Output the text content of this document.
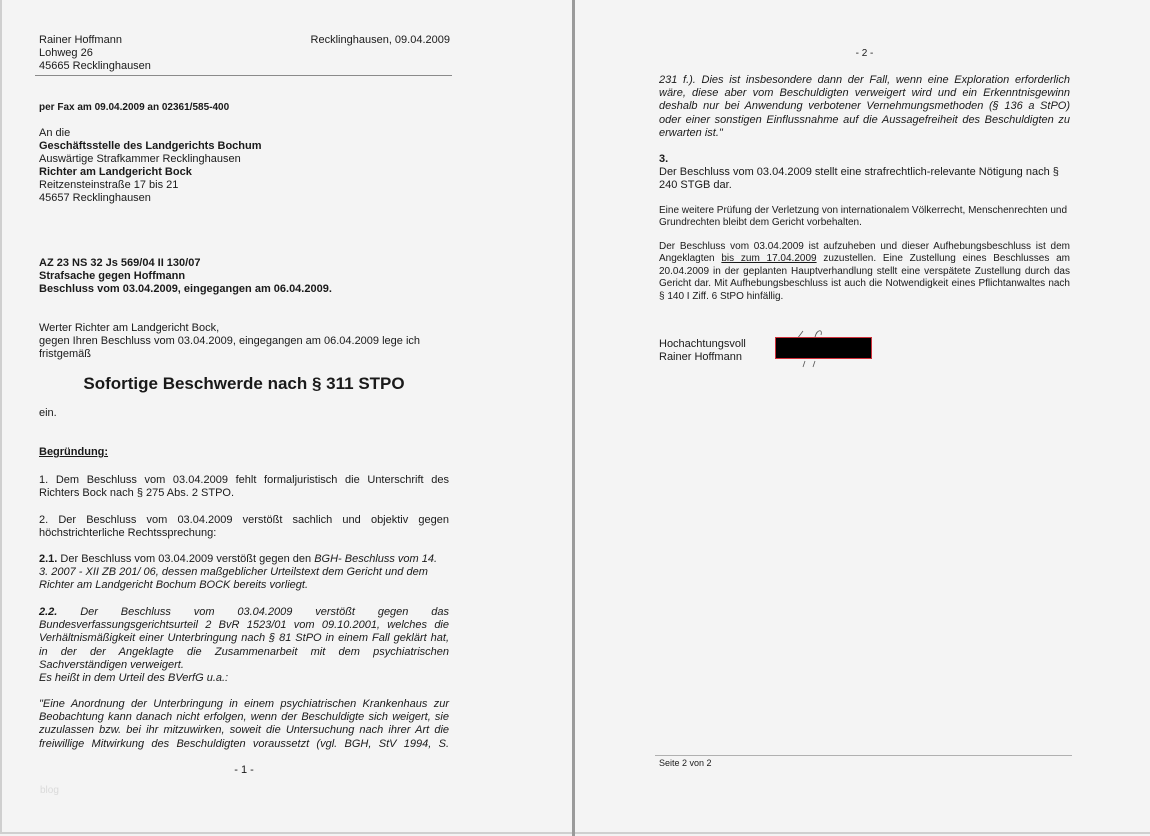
Rainer Hoffmann
Lohweg 26
45665 Recklinghausen
Recklinghausen, 09.04.2009
per Fax am 09.04.2009 an 02361/585-400
An die
Geschäftsstelle des Landgerichts Bochum
Auswärtige Strafkammer Recklinghausen
Richter am Landgericht Bock
Reitzensteinstraße 17 bis 21
45657 Recklinghausen
AZ 23 NS 32 Js 569/04 II 130/07
Strafsache gegen Hoffmann
Beschluss vom 03.04.2009, eingegangen am 06.04.2009.
Werter Richter am Landgericht Bock,
gegen Ihren Beschluss vom 03.04.2009, eingegangen am 06.04.2009 lege ich
fristgemäß
Sofortige Beschwerde nach § 311 STPO
ein.
Begründung:
1. Dem Beschluss vom 03.04.2009 fehlt formaljuristisch die Unterschrift des Richters Bock nach § 275 Abs. 2 STPO.
2. Der Beschluss vom 03.04.2009 verstößt sachlich und objektiv gegen höchstrichterliche Rechtssprechung:
2.1. Der Beschluss vom 03.04.2009 verstößt gegen den BGH- Beschluss vom 14. 3. 2007 - XII ZB 201/ 06, dessen maßgeblicher Urteilstext dem Gericht und dem Richter am Landgericht Bochum BOCK bereits vorliegt.
2.2. Der Beschluss vom 03.04.2009 verstößt gegen das Bundesverfassungsgerichtsurteil 2 BvR 1523/01 vom 09.10.2001, welches die Verhältnismäßigkeit einer Unterbringung nach § 81 StPO in einem Fall geklärt hat, in der der Angeklagte die Zusammenarbeit mit dem psychiatrischen Sachverständigen verweigert.
Es heißt in dem Urteil des BVerfG u.a.:
"Eine Anordnung der Unterbringung in einem psychiatrischen Krankenhaus zur Beobachtung kann danach nicht erfolgen, wenn der Beschuldigte sich weigert, sie zuzulassen bzw. bei ihr mitzuwirken, soweit die Untersuchung nach ihrer Art die freiwillige Mitwirkung des Beschuldigten voraussetzt (vgl. BGH, StV 1994, S.
- 1 -
blog
- 2 -
231 f.). Dies ist insbesondere dann der Fall, wenn eine Exploration erforderlich wäre, diese aber vom Beschuldigten verweigert wird und ein Erkenntnisgewinn deshalb nur bei Anwendung verbotener Vernehmungsmethoden (§ 136 a StPO) oder einer sonstigen Einflussnahme auf die Aussagefreiheit des Beschuldigten zu erwarten ist."
3.
Der Beschluss vom 03.04.2009 stellt eine strafrechtlich-relevante Nötigung nach § 240 STGB dar.
Eine weitere Prüfung der Verletzung von internationalem Völkerrecht, Menschenrechten und Grundrechten bleibt dem Gericht vorbehalten.
Der Beschluss vom 03.04.2009 ist aufzuheben und dieser Aufhebungsbeschluss ist dem Angeklagten bis zum 17.04.2009 zuzustellen. Eine Zustellung eines Beschlusses am 20.04.2009 in der geplanten Hauptverhandlung stellt eine verspätete Zustellung durch das Gericht dar. Mit Aufhebungsbeschluss ist auch die Notwendigkeit eines Pflichtanwaltes nach § 140 I Ziff. 6 StPO hinfällig.
Hochachtungsvoll
Rainer Hoffmann
Seite 2 von 2
